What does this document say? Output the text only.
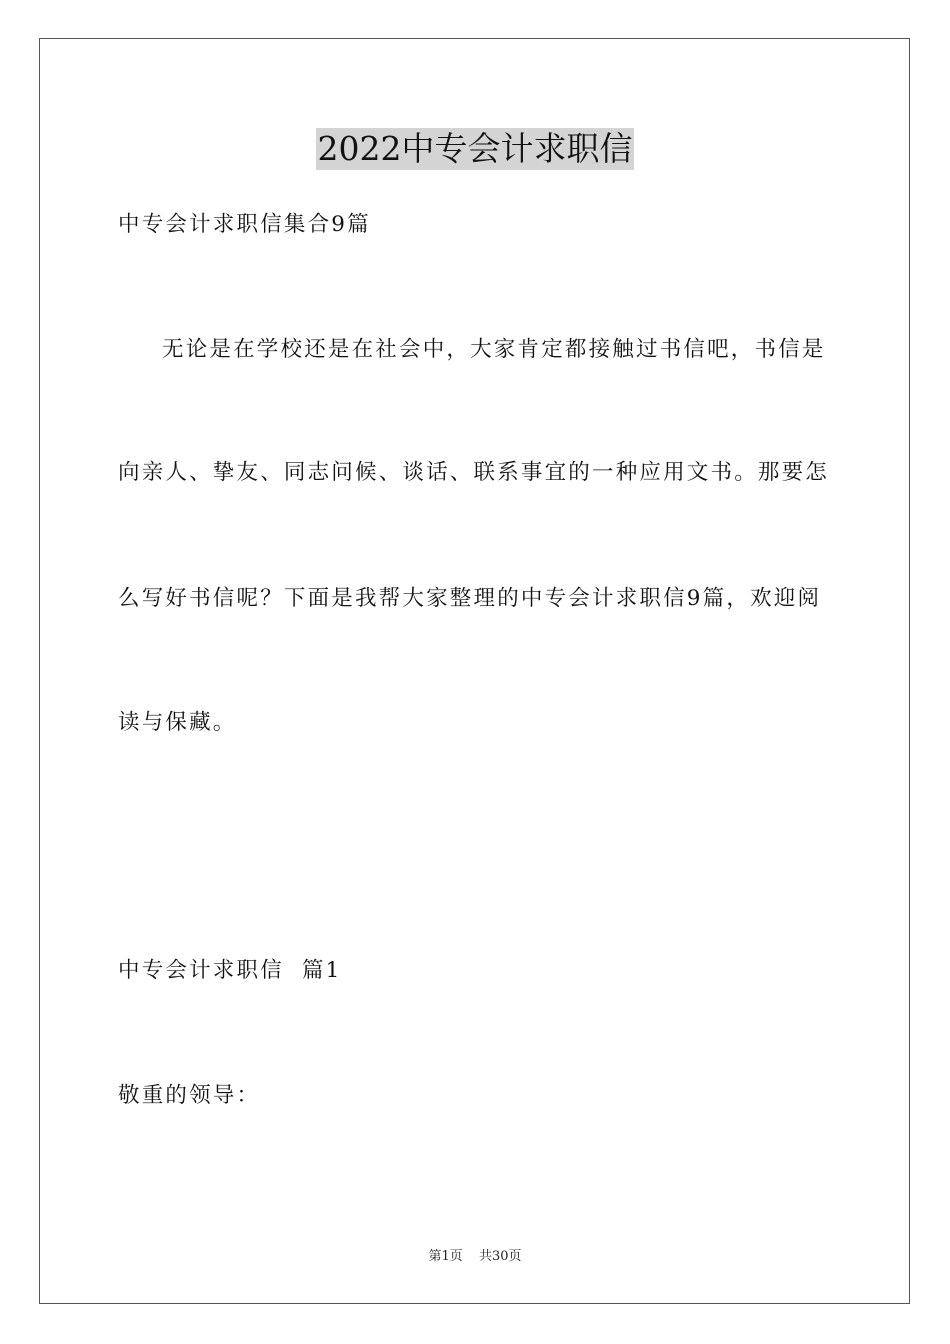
2022中专会计求职信
中专会计求职信集合9篇
无论是在学校还是在社会中，大家肯定都接触过书信吧，书信是
向亲人、挚友、同志问候、谈话、联系事宜的一种应用文书。那要怎
么写好书信呢？下面是我帮大家整理的中专会计求职信9篇，欢迎阅
读与保藏。
中专会计求职信  篇1
敬重的领导：
第1页 共30页
